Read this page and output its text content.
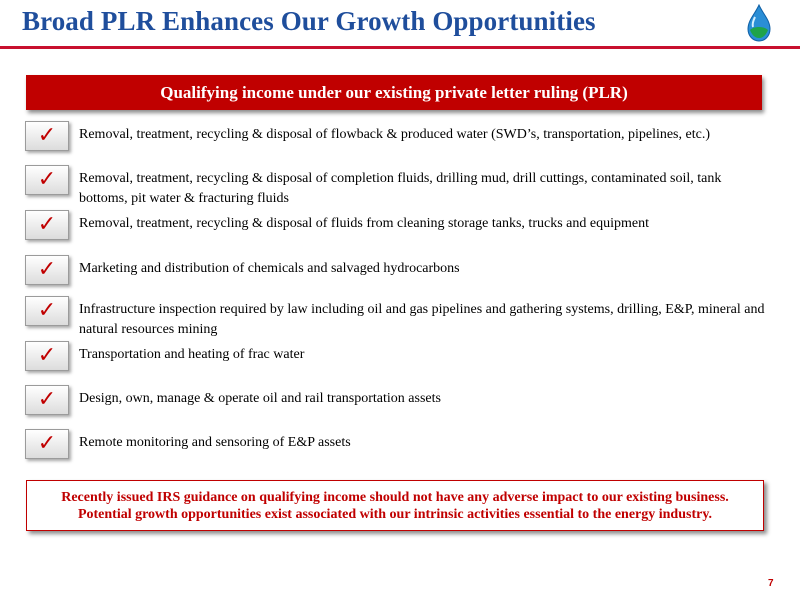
Broad PLR Enhances Our Growth Opportunities
Qualifying income under our existing private letter ruling (PLR)
✓ Removal, treatment, recycling & disposal of flowback & produced water (SWD’s, transportation, pipelines, etc.)
✓ Removal, treatment, recycling & disposal of completion fluids, drilling mud, drill cuttings, contaminated soil, tank bottoms, pit water & fracturing fluids
✓ Removal, treatment, recycling & disposal of fluids from cleaning storage tanks, trucks and equipment
✓ Marketing and distribution of chemicals and salvaged hydrocarbons
✓ Infrastructure inspection required by law including oil and gas pipelines and gathering systems, drilling, E&P, mineral and natural resources mining
✓ Transportation and heating of frac water
✓ Design, own, manage & operate oil and rail transportation assets
✓ Remote monitoring and sensoring of E&P assets
Recently issued IRS guidance on qualifying income should not have any adverse impact to our existing business.
Potential growth opportunities exist associated with our intrinsic activities essential to the energy industry.
7
